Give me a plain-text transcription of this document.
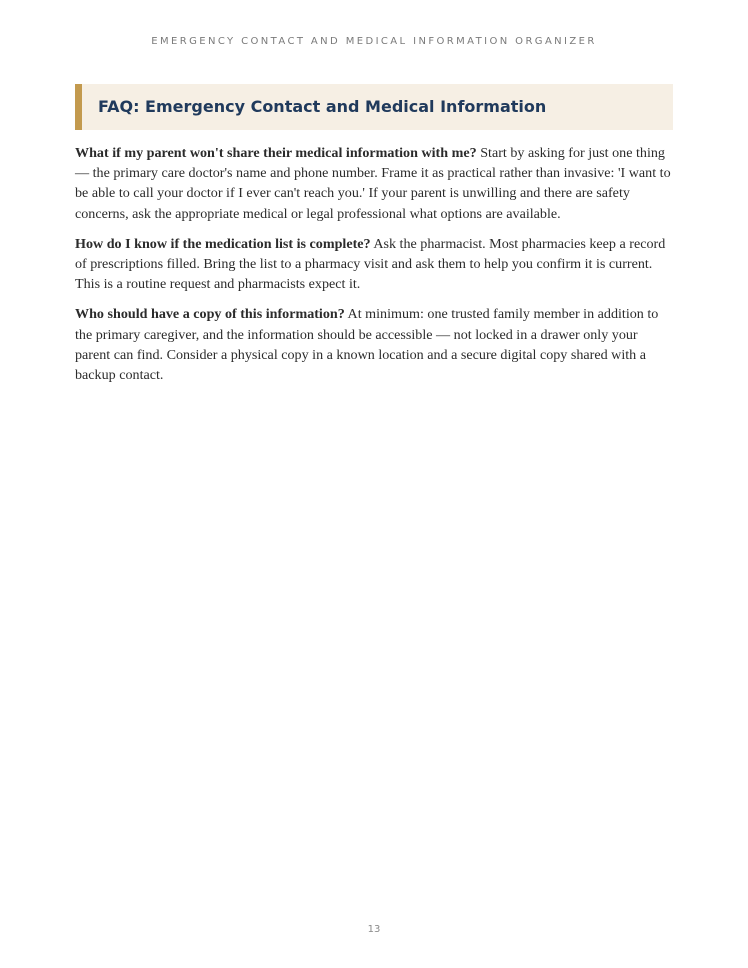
EMERGENCY CONTACT AND MEDICAL INFORMATION ORGANIZER
FAQ: Emergency Contact and Medical Information

What if my parent won't share their medical information with me? Start by asking for just one thing — the primary care doctor's name and phone number. Frame it as practical rather than invasive: 'I want to be able to call your doctor if I ever can't reach you.' If your parent is unwilling and there are safety concerns, ask the appropriate medical or legal professional what options are available.

How do I know if the medication list is complete? Ask the pharmacist. Most pharmacies keep a record of prescriptions filled. Bring the list to a pharmacy visit and ask them to help you confirm it is current. This is a routine request and pharmacists expect it.

Who should have a copy of this information? At minimum: one trusted family member in addition to the primary caregiver, and the information should be accessible — not locked in a drawer only your parent can find. Consider a physical copy in a known location and a secure digital copy shared with a backup contact.

13
